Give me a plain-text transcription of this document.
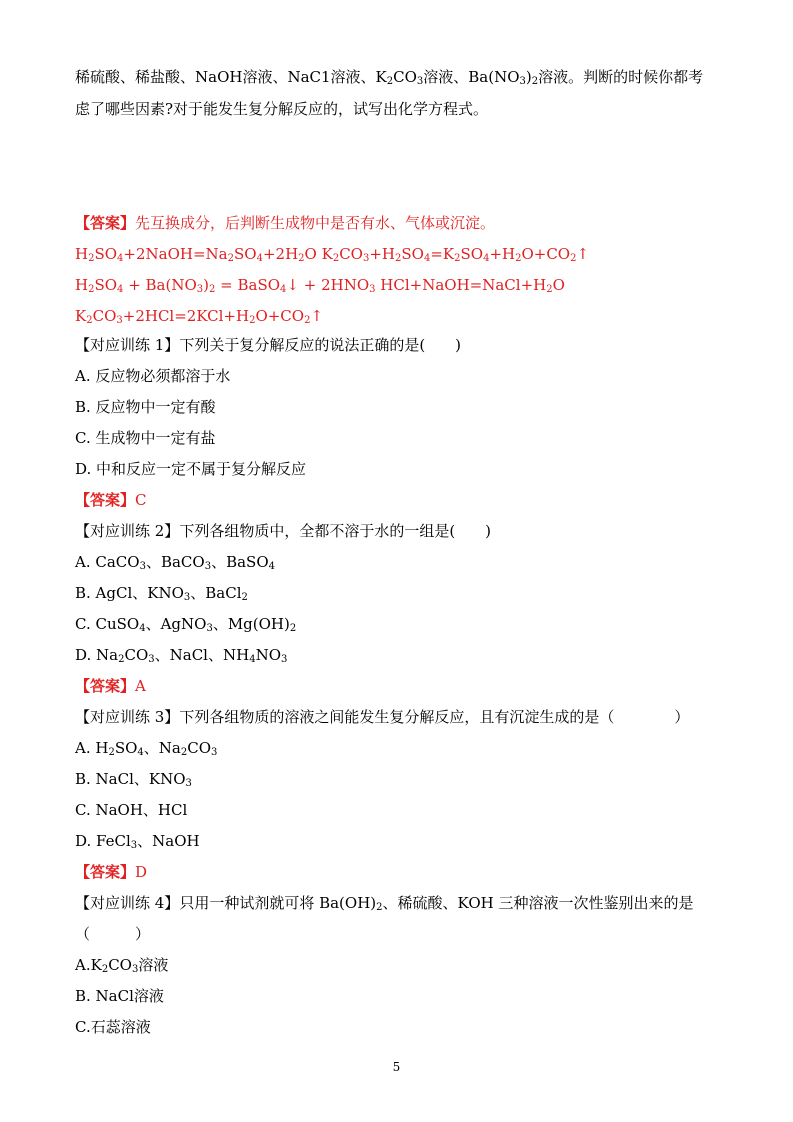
稀硫酸、稀盐酸、NaOH溶液、NaC1溶液、$K_2CO_3$溶液、$Ba(NO_3)_2$溶液。判断的时候你都考
虑了哪些因素?对于能发生复分解反应的，试写出化学方程式。
【答案】先互换成分，后判断生成物中是否有水、气体或沉淀。
$H_2SO_4+2NaOH=Na_2SO_4+2H_2O$ $K_2CO_3+H_2SO_4=K_2SO_4+H_2O+CO_2↑$
$H_2SO_4 + Ba(NO_3)_2$ = BaSO$_4$↓ + $2HNO_3$ $HCl+NaOH=NaCl+H_2O$
$K_2CO_3+2HCl=2KCl+H_2O+CO_2↑$
【对应训练 1】下列关于复分解反应的说法正确的是(　　)
A. 反应物必须都溶于水
B. 反应物中一定有酸
C. 生成物中一定有盐
D. 中和反应一定不属于复分解反应
【答案】C
【对应训练 2】下列各组物质中，全都不溶于水的一组是(　　)
A. CaCO$_3$、BaCO$_3$、BaSO$_4$
B. AgCl、$KNO_3$、BaCl$_2$
C. CuSO$_4$、AgNO$_3$、$Mg(OH)_2$
D. $Na_2CO_3$、NaCl、$NH_4NO_3$
【答案】A
【对应训练 3】下列各组物质的溶液之间能发生复分解反应，且有沉淀生成的是（　　　　）
A. $H_2SO_4$、$Na_2CO_3$
B. NaCl、$KNO_3$
C. NaOH、HCl
D. FeCl$_3$、NaOH
【答案】D
【对应训练 4】只用一种试剂就可将 $Ba(OH)_2$、稀硫酸、KOH 三种溶液一次性鉴别出来的是
（　　　）
$A.K_2CO_3$溶液
B. NaCl溶液
C.石蕊溶液
5
